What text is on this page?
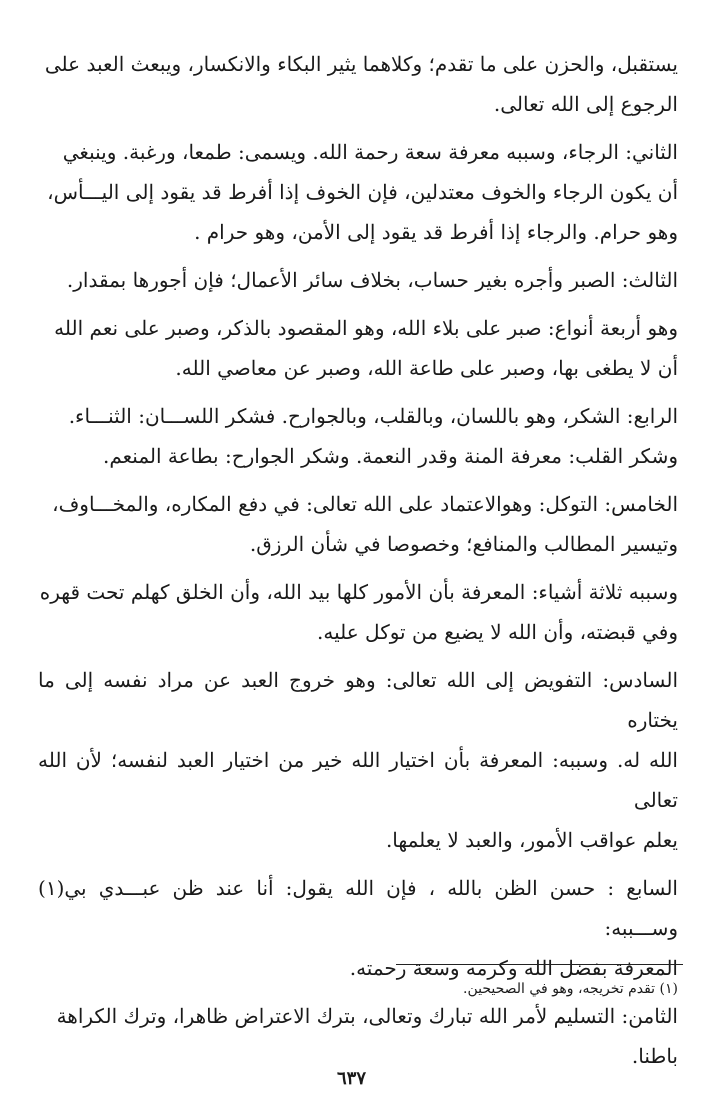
يستقبل، والحزن على ما تقدم؛ وكلاهما يثير البكاء والانكسار، ويبعث العبد على
الرجوع إلى الله تعالى.
الثاني: الرجاء، وسببه معرفة سعة رحمة الله. ويسمى: طمعا، ورغبة. وينبغي
أن يكون الرجاء والخوف معتدلين، فإن الخوف إذا أفرط قد يقود إلى اليـــأس،
وهو حرام. والرجاء إذا أفرط قد يقود إلى الأمن، وهو حرام .
الثالث: الصبر وأجره بغير حساب، بخلاف سائر الأعمال؛ فإن أجورها بمقدار.
وهو أربعة أنواع: صبر على بلاء الله، وهو المقصود بالذكر، وصبر على نعم الله
أن لا يطغى بها، وصبر على طاعة الله، وصبر عن معاصي الله.
الرابع: الشكر، وهو باللسان، وبالقلب، وبالجوارح. فشكر اللســـان: الثنـــاء.
وشكر القلب: معرفة المنة وقدر النعمة. وشكر الجوارح: بطاعة المنعم.
الخامس: التوكل: وهوالاعتماد على الله تعالى: في دفع المكاره، والمخـــاوف،
وتيسير المطالب والمنافع؛ وخصوصا في شأن الرزق.
وسببه ثلاثة أشياء: المعرفة بأن الأمور كلها بيد الله، وأن الخلق كهلم تحت قهره
وفي قبضته، وأن الله لا يضيع من توكل عليه.
السادس: التفويض إلى الله تعالى: وهو خروج العبد عن مراد نفسه إلى ما يختاره
الله له. وسببه: المعرفة بأن اختيار الله خير من اختيار العبد لنفسه؛ لأن الله تعالى
يعلم عواقب الأمور، والعبد لا يعلمها.
السابع : حسن الظن بالله ، فإن الله يقول: أنا عند ظن عبـــدي بي(١) وســـببه:
المعرفة بفضل الله وكرمه وسعة رحمته.
الثامن: التسليم لأمر الله تبارك وتعالى، بترك الاعتراض ظاهرا، وترك الكراهة
باطنا.

(١) تقدم تخريجه، وهو في الصحيحين.

٦٣٧
